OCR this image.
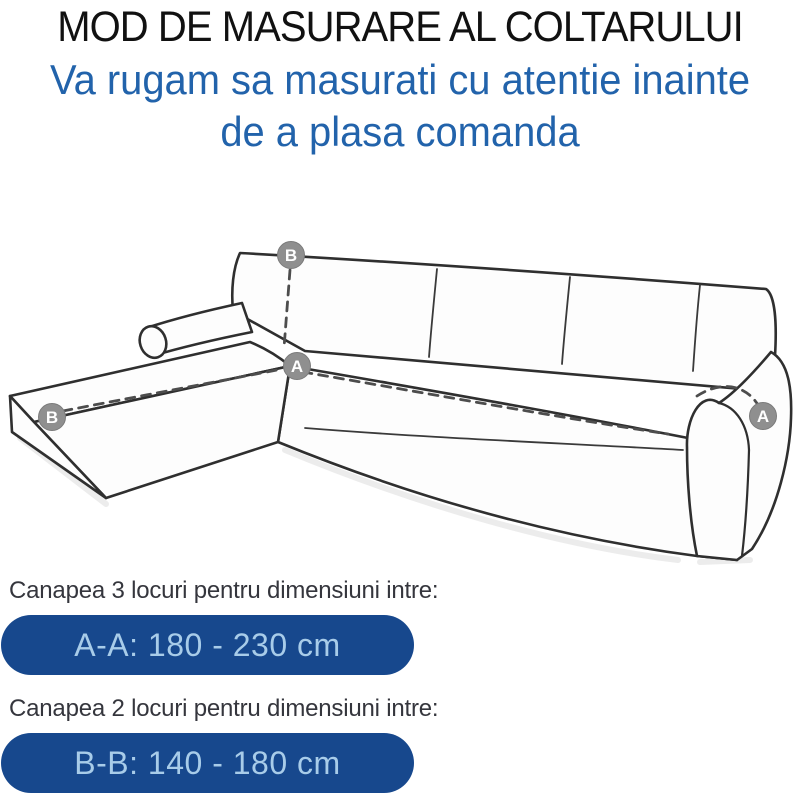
MOD DE MASURARE AL COLTARULUI
Va rugam sa masurati cu atentie inainte
de a plasa comanda
B
A
B	A
Canapea 3 locuri pentru dimensiuni intre:
A-A: 180 - 230 cm
Canapea 2 locuri pentru dimensiuni intre:
B-B: 140 - 180 cm
